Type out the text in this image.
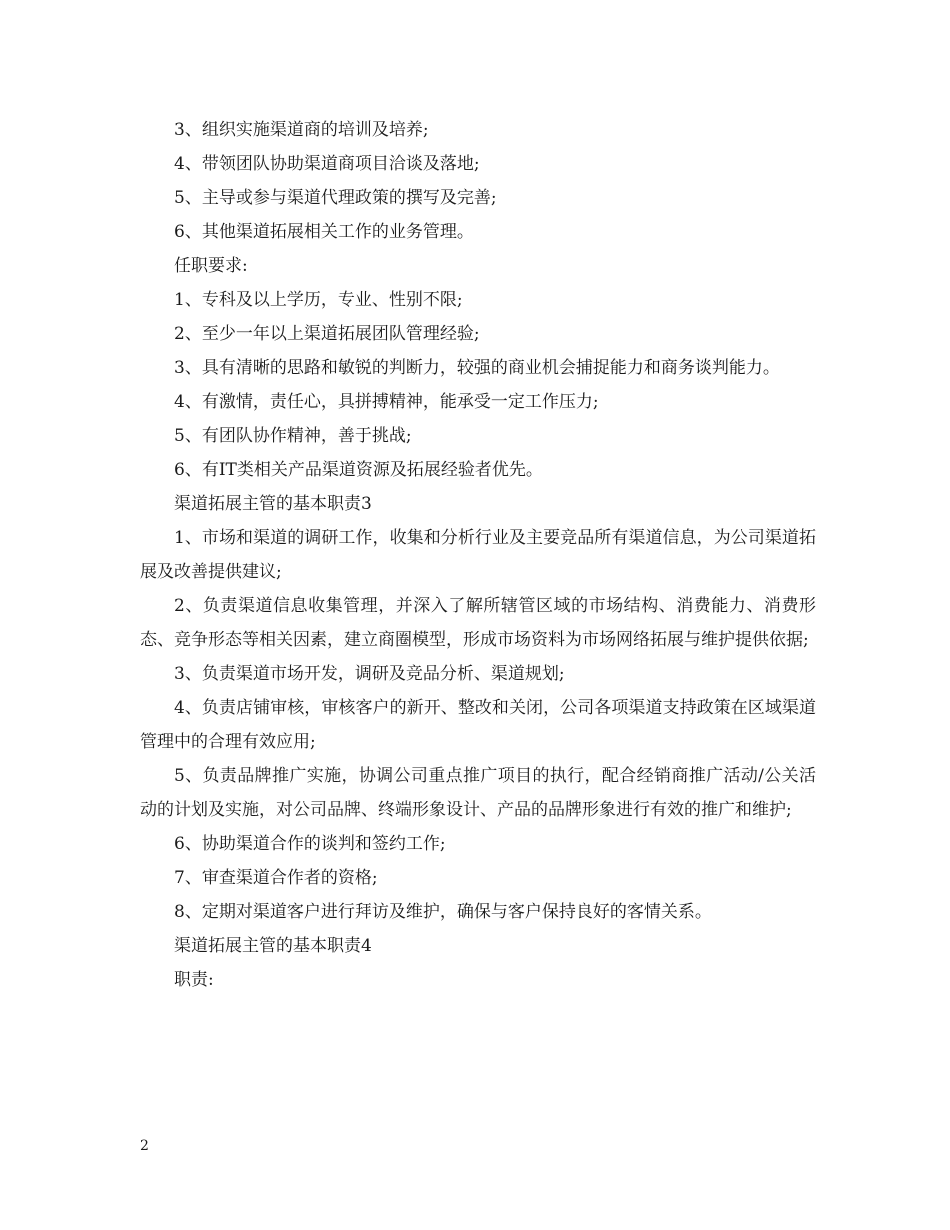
3、组织实施渠道商的培训及培养;

4、带领团队协助渠道商项目洽谈及落地;

5、主导或参与渠道代理政策的撰写及完善;

6、其他渠道拓展相关工作的业务管理。

任职要求:

1、专科及以上学历，专业、性别不限;

2、至少一年以上渠道拓展团队管理经验;

3、具有清晰的思路和敏锐的判断力，较强的商业机会捕捉能力和商务谈判能力。

4、有激情，责任心，具拼搏精神，能承受一定工作压力;

5、有团队协作精神，善于挑战;

6、有IT类相关产品渠道资源及拓展经验者优先。

渠道拓展主管的基本职责3

1、市场和渠道的调研工作，收集和分析行业及主要竞品所有渠道信息，为公司渠道拓展及改善提供建议;

2、负责渠道信息收集管理，并深入了解所辖管区域的市场结构、消费能力、消费形态、竞争形态等相关因素，建立商圈模型，形成市场资料为市场网络拓展与维护提供依据;

3、负责渠道市场开发，调研及竞品分析、渠道规划;

4、负责店铺审核，审核客户的新开、整改和关闭，公司各项渠道支持政策在区域渠道管理中的合理有效应用;

5、负责品牌推广实施，协调公司重点推广项目的执行，配合经销商推广活动/公关活动的计划及实施，对公司品牌、终端形象设计、产品的品牌形象进行有效的推广和维护;

6、协助渠道合作的谈判和签约工作;

7、审查渠道合作者的资格;

8、定期对渠道客户进行拜访及维护，确保与客户保持良好的客情关系。

渠道拓展主管的基本职责4

职责:

2
